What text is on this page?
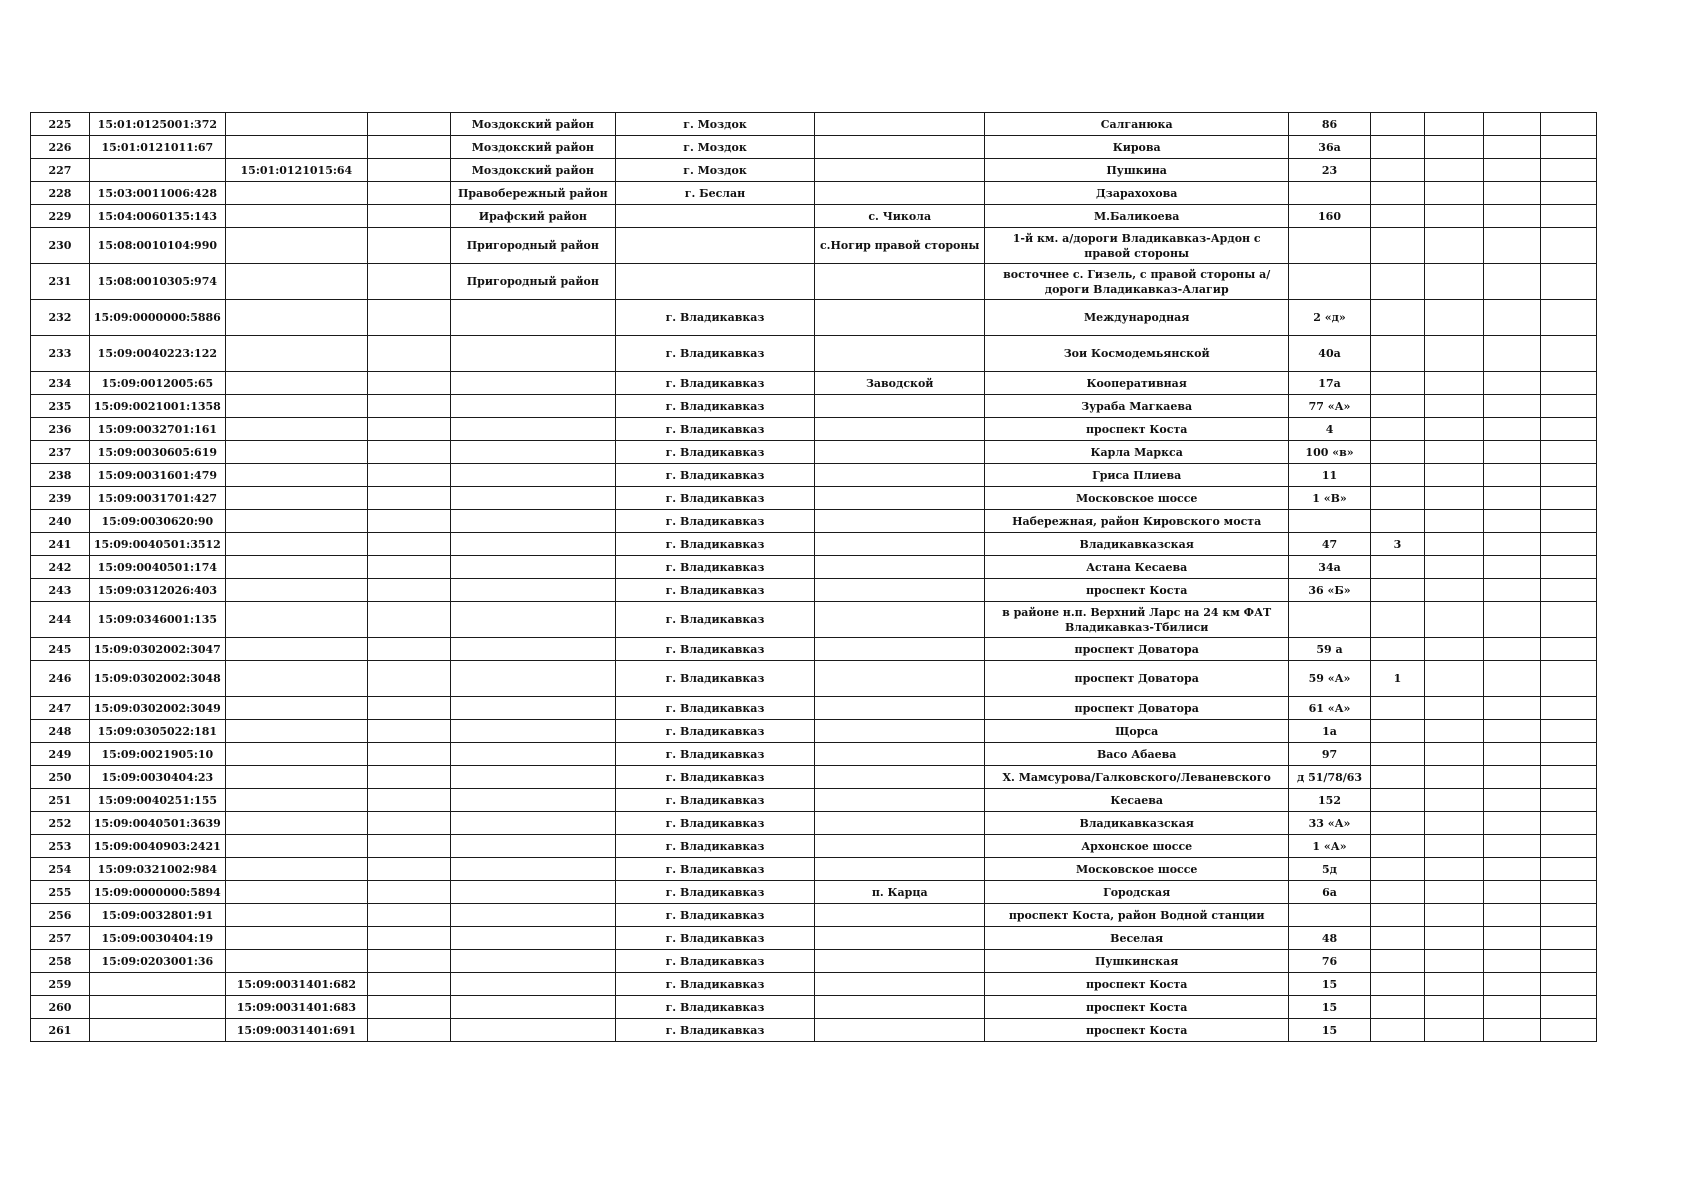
225	15:01:0125001:372			Моздокский район	г. Моздок		Салганюка	86				
226	15:01:0121011:67			Моздокский район	г. Моздок		Кирова	36а				
227		15:01:0121015:64		Моздокский район	г. Моздок		Пушкина	23				
228	15:03:0011006:428			Правобережный район	г. Беслан		Дзарахохова					
229	15:04:0060135:143			Ирафский район		с. Чикола	М.Баликоева	160				
230	15:08:0010104:990			Пригородный район		с.Ногир правой стороны	1-й км. а/дороги Владикавказ-Ардон с правой стороны					
231	15:08:0010305:974			Пригородный район			восточнее с. Гизель, с правой стороны а/дороги Владикавказ-Алагир					
232	15:09:0000000:5886				г. Владикавказ		Международная	2 «д»				
233	15:09:0040223:122				г. Владикавказ		Зои Космодемьянской	40а				
234	15:09:0012005:65				г. Владикавказ	Заводской	Кооперативная	17а				
235	15:09:0021001:1358				г. Владикавказ		Зураба Магкаева	77 «А»				
236	15:09:0032701:161				г. Владикавказ		проспект Коста	4				
237	15:09:0030605:619				г. Владикавказ		Карла Маркса	100 «в»				
238	15:09:0031601:479				г. Владикавказ		Гриса Плиева	11				
239	15:09:0031701:427				г. Владикавказ		Московское шоссе	1 «В»				
240	15:09:0030620:90				г. Владикавказ		Набережная, район Кировского моста					
241	15:09:0040501:3512				г. Владикавказ		Владикавказская	47	3			
242	15:09:0040501:174				г. Владикавказ		Астана Кесаева	34а				
243	15:09:0312026:403				г. Владикавказ		проспект Коста	36 «Б»				
244	15:09:0346001:135				г. Владикавказ		в районе н.п. Верхний Ларс на 24 км ФАТ Владикавказ-Тбилиси					
245	15:09:0302002:3047				г. Владикавказ		проспект Доватора	59 а				
246	15:09:0302002:3048				г. Владикавказ		проспект Доватора	59 «А»	1			
247	15:09:0302002:3049				г. Владикавказ		проспект Доватора	61 «А»				
248	15:09:0305022:181				г. Владикавказ		Щорса	1а				
249	15:09:0021905:10				г. Владикавказ		Васо Абаева	97				
250	15:09:0030404:23				г. Владикавказ		Х. Мамсурова/Галковского/Леваневского	д 51/78/63				
251	15:09:0040251:155				г. Владикавказ		Кесаева	152				
252	15:09:0040501:3639				г. Владикавказ		Владикавказская	33 «А»				
253	15:09:0040903:2421				г. Владикавказ		Архонское шоссе	1 «А»				
254	15:09:0321002:984				г. Владикавказ		Московское шоссе	5д				
255	15:09:0000000:5894				г. Владикавказ	п. Карца	Городская	6а				
256	15:09:0032801:91				г. Владикавказ		проспект Коста, район Водной станции					
257	15:09:0030404:19				г. Владикавказ		Веселая	48				
258	15:09:0203001:36				г. Владикавказ		Пушкинская	76				
259		15:09:0031401:682			г. Владикавказ		проспект Коста	15				
260		15:09:0031401:683			г. Владикавказ		проспект Коста	15				
261		15:09:0031401:691			г. Владикавказ		проспект Коста	15				
